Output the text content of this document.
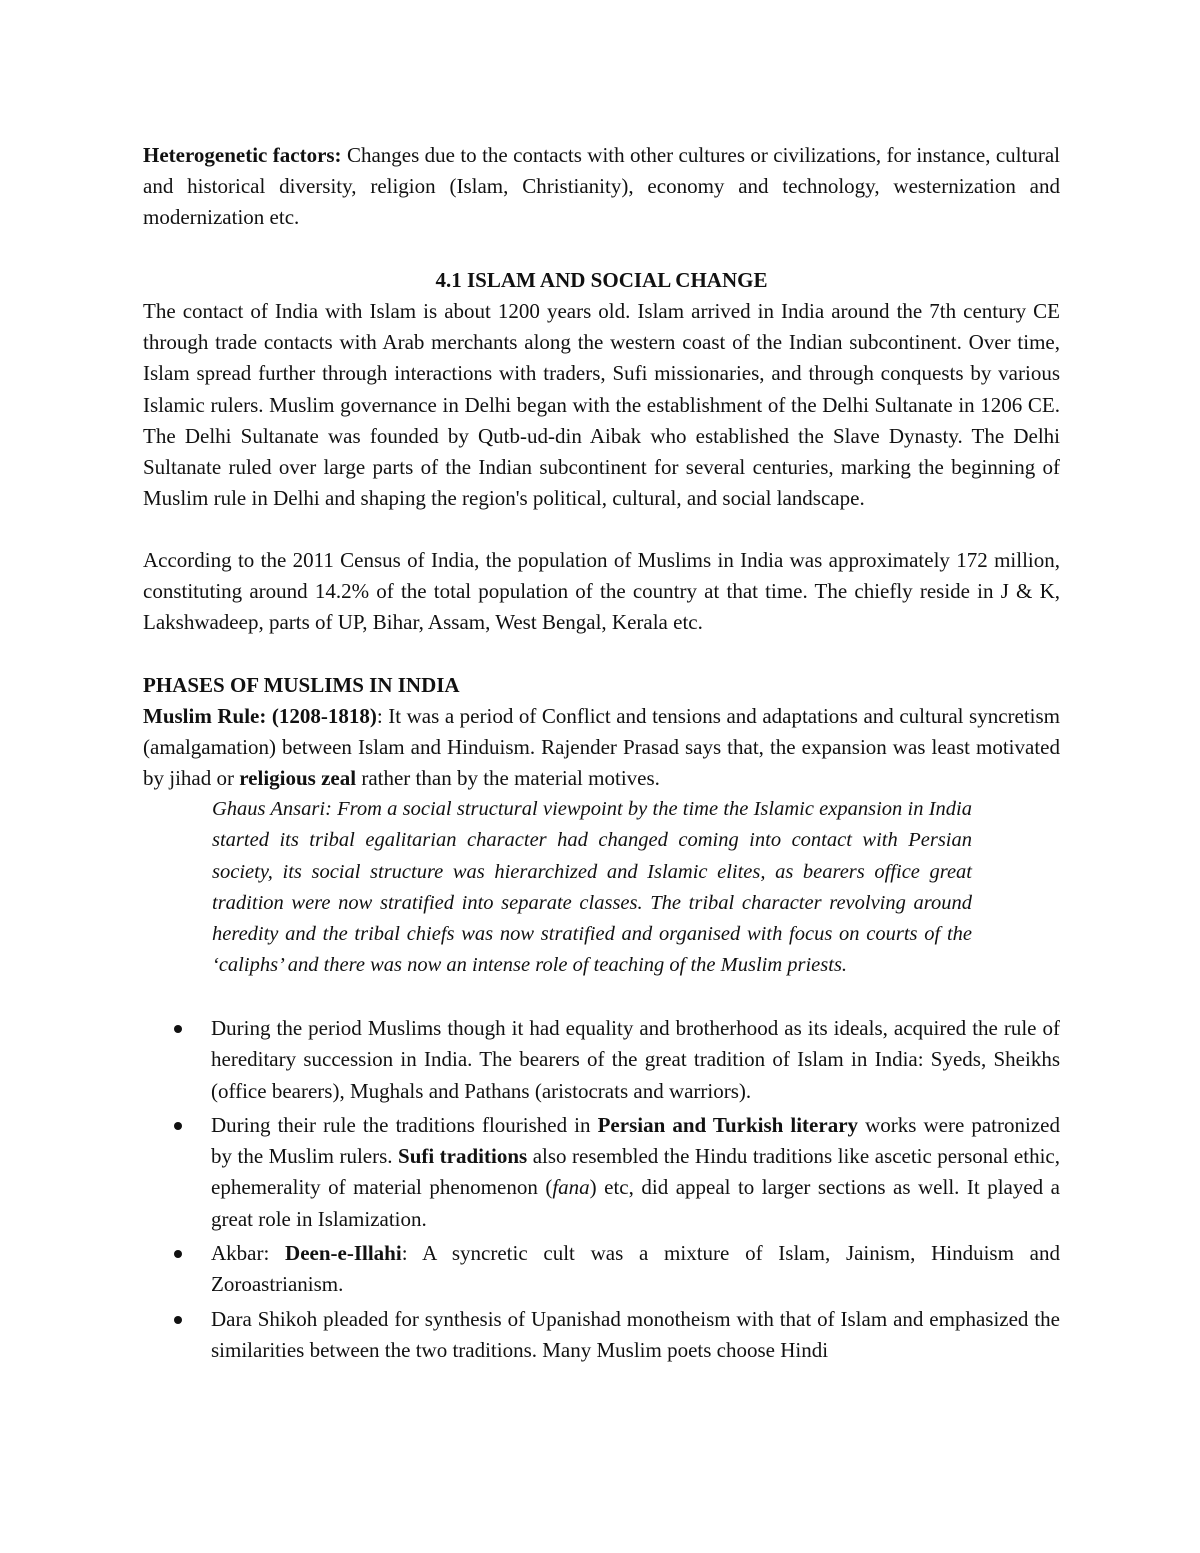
Heterogenetic factors: Changes due to the contacts with other cultures or civilizations, for instance, cultural and historical diversity, religion (Islam, Christianity), economy and technology, westernization and modernization etc.

4.1 ISLAM AND SOCIAL CHANGE

The contact of India with Islam is about 1200 years old. Islam arrived in India around the 7th century CE through trade contacts with Arab merchants along the western coast of the Indian subcontinent. Over time, Islam spread further through interactions with traders, Sufi missionaries, and through conquests by various Islamic rulers. Muslim governance in Delhi began with the establishment of the Delhi Sultanate in 1206 CE. The Delhi Sultanate was founded by Qutb-ud-din Aibak who established the Slave Dynasty. The Delhi Sultanate ruled over large parts of the Indian subcontinent for several centuries, marking the beginning of Muslim rule in Delhi and shaping the region's political, cultural, and social landscape.

According to the 2011 Census of India, the population of Muslims in India was approximately 172 million, constituting around 14.2% of the total population of the country at that time. The chiefly reside in J & K, Lakshwadeep, parts of UP, Bihar, Assam, West Bengal, Kerala etc.

PHASES OF MUSLIMS IN INDIA

Muslim Rule: (1208-1818): It was a period of Conflict and tensions and adaptations and cultural syncretism (amalgamation) between Islam and Hinduism. Rajender Prasad says that, the expansion was least motivated by jihad or religious zeal rather than by the material motives.

Ghaus Ansari: From a social structural viewpoint by the time the Islamic expansion in India started its tribal egalitarian character had changed coming into contact with Persian society, its social structure was hierarchized and Islamic elites, as bearers office great tradition were now stratified into separate classes. The tribal character revolving around heredity and the tribal chiefs was now stratified and organised with focus on courts of the ‘caliphs’ and there was now an intense role of teaching of the Muslim priests.

During the period Muslims though it had equality and brotherhood as its ideals, acquired the rule of hereditary succession in India. The bearers of the great tradition of Islam in India: Syeds, Sheikhs (office bearers), Mughals and Pathans (aristocrats and warriors).
During their rule the traditions flourished in Persian and Turkish literary works were patronized by the Muslim rulers. Sufi traditions also resembled the Hindu traditions like ascetic personal ethic, ephemerality of material phenomenon (fana) etc, did appeal to larger sections as well. It played a great role in Islamization.
Akbar: Deen-e-Illahi: A syncretic cult was a mixture of Islam, Jainism, Hinduism and Zoroastrianism.
Dara Shikoh pleaded for synthesis of Upanishad monotheism with that of Islam and emphasized the similarities between the two traditions. Many Muslim poets choose Hindi
